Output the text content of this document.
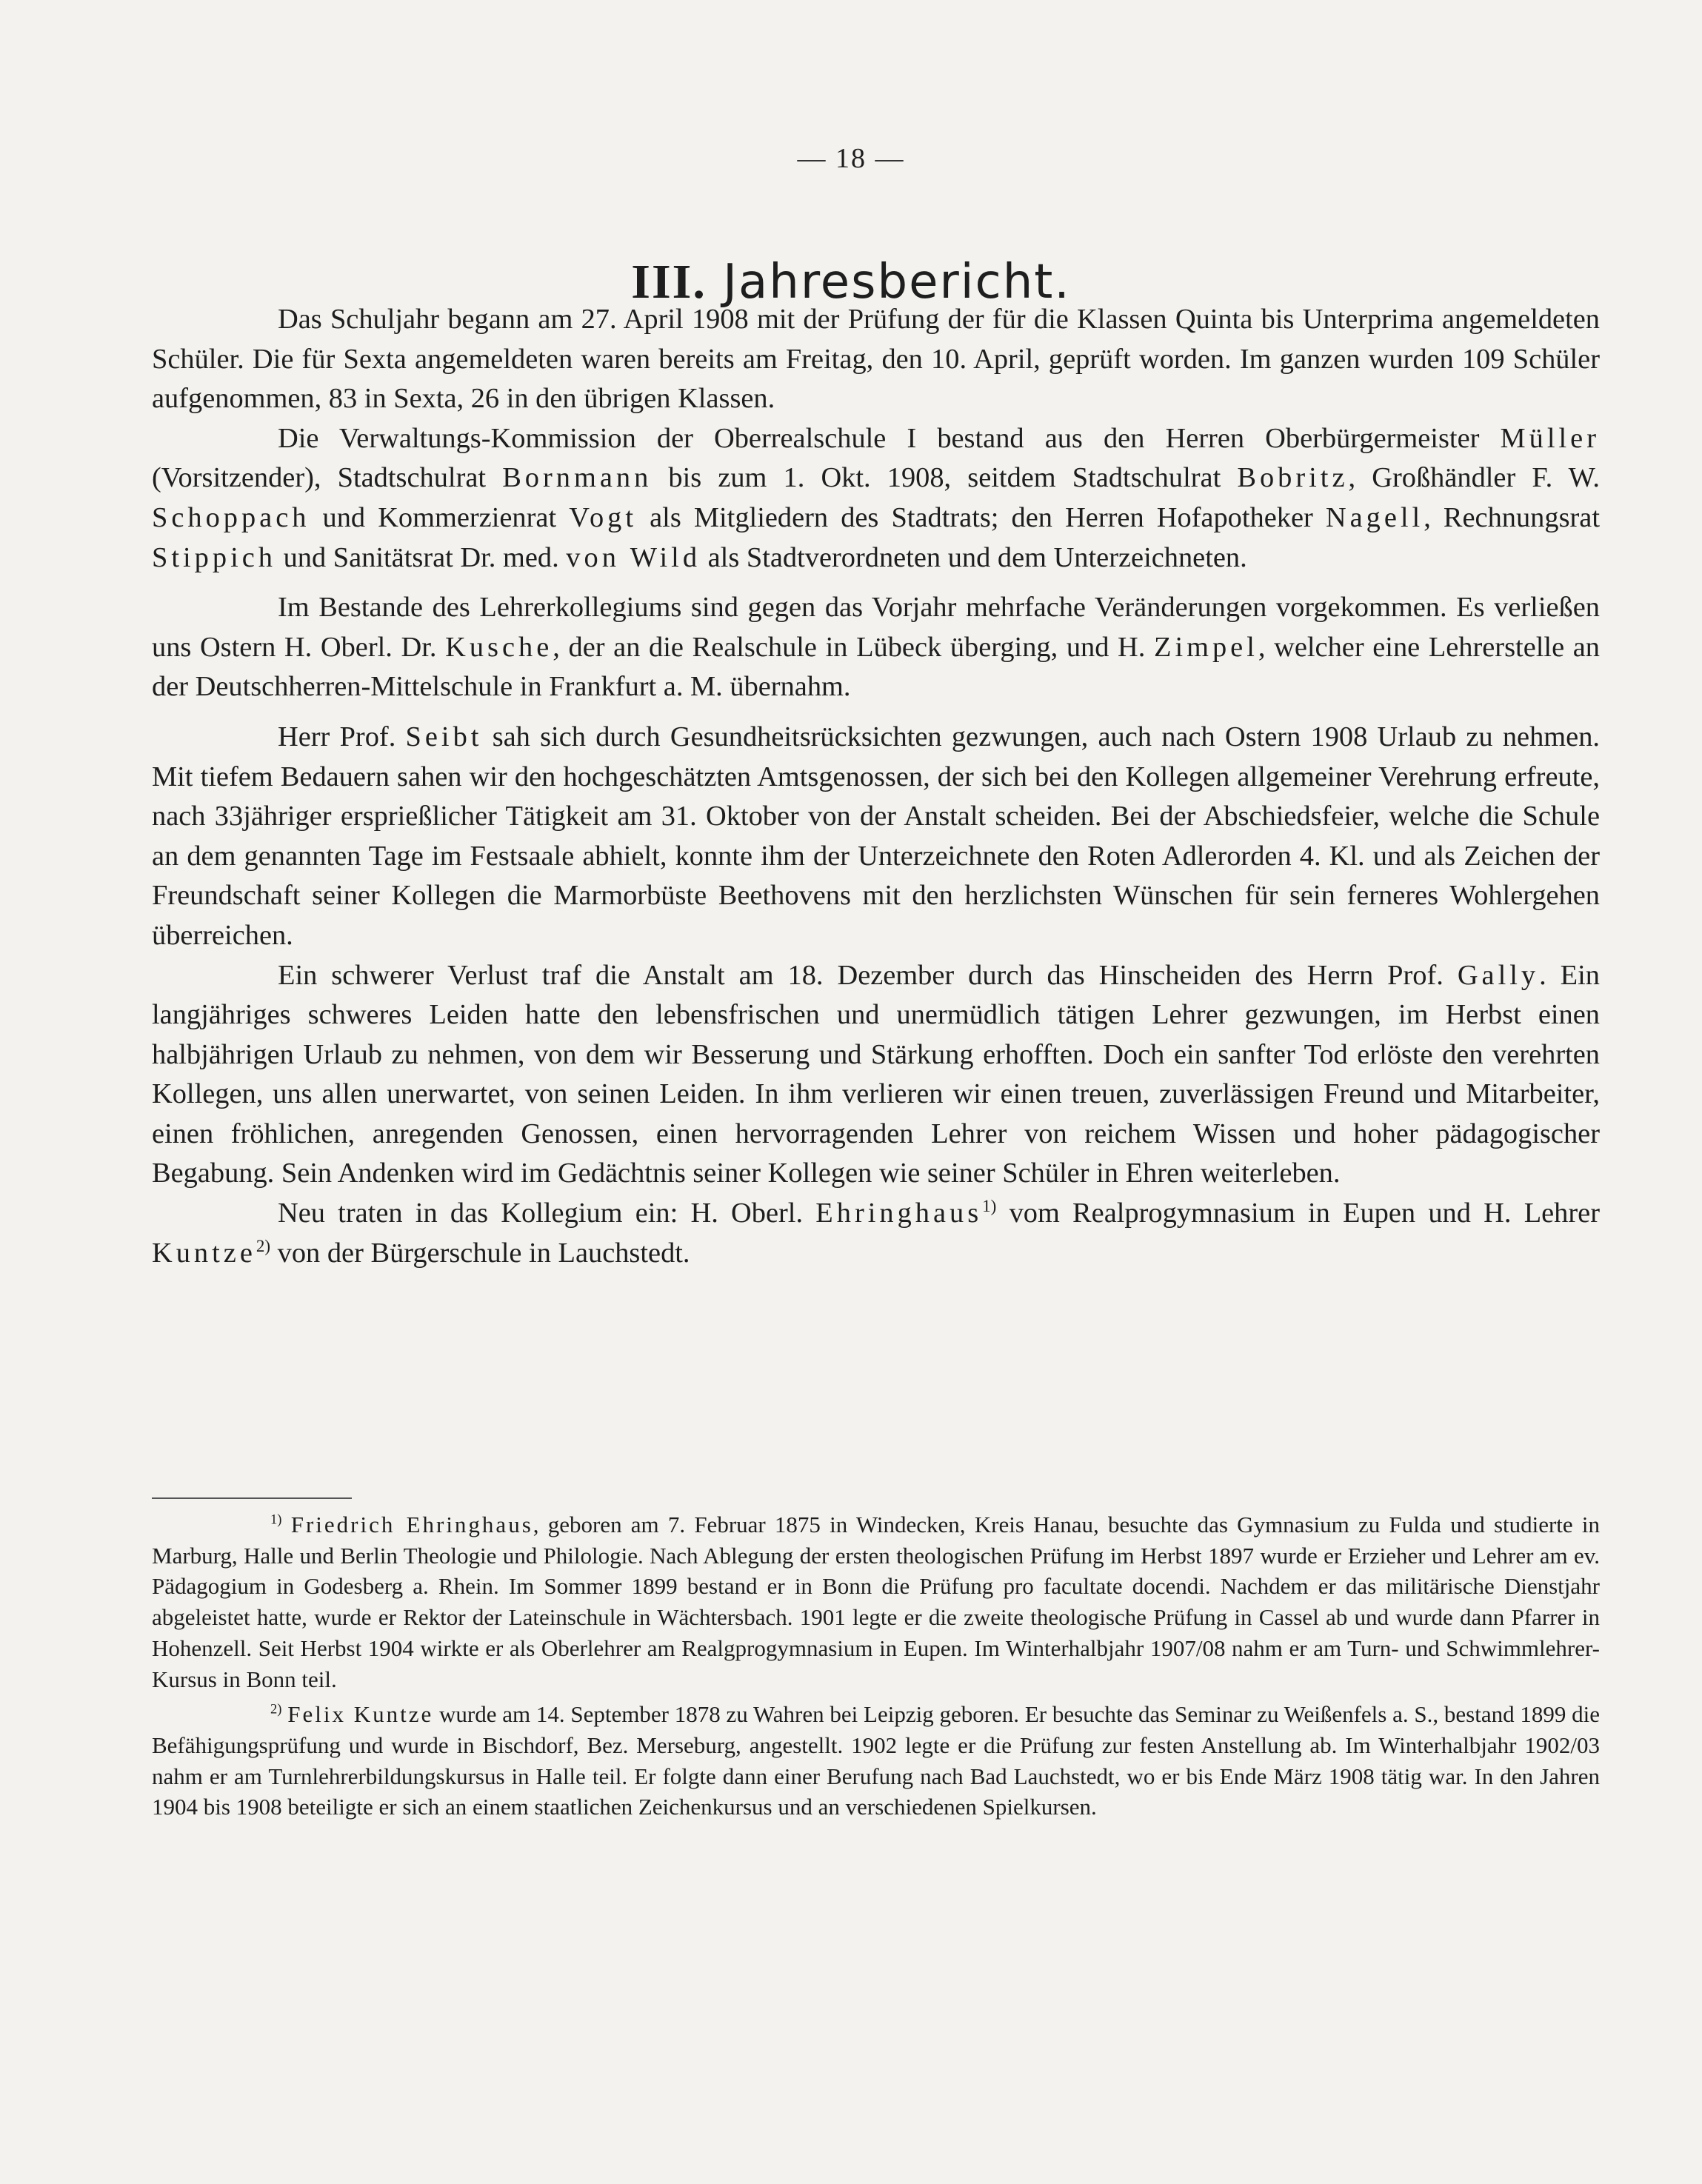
— 18 —
III. Jahresbericht.

Das Schuljahr begann am 27. April 1908 mit der Prüfung der für die Klassen Quinta bis Unterprima angemeldeten Schüler. Die für Sexta angemeldeten waren bereits am Freitag, den 10. April, geprüft worden. Im ganzen wurden 109 Schüler aufgenommen, 83 in Sexta, 26 in den übrigen Klassen.

Die Verwaltungs-Kommission der Oberrealschule I bestand aus den Herren Oberbürgermeister Müller (Vorsitzender), Stadtschulrat Bornmann bis zum 1. Okt. 1908, seitdem Stadtschulrat Bobritz, Großhändler F. W. Schoppach und Kommerzienrat Vogt als Mitgliedern des Stadtrats; den Herren Hofapotheker Nagell, Rechnungsrat Stippich und Sanitätsrat Dr. med. von Wild als Stadtverordneten und dem Unterzeichneten.

Im Bestande des Lehrerkollegiums sind gegen das Vorjahr mehrfache Veränderungen vorgekommen. Es verließen uns Ostern H. Oberl. Dr. Kusche, der an die Realschule in Lübeck überging, und H. Zimpel, welcher eine Lehrerstelle an der Deutschherren-Mittelschule in Frankfurt a. M. übernahm.

Herr Prof. Seibt sah sich durch Gesundheitsrücksichten gezwungen, auch nach Ostern 1908 Urlaub zu nehmen. Mit tiefem Bedauern sahen wir den hochgeschätzten Amtsgenossen, der sich bei den Kollegen allgemeiner Verehrung erfreute, nach 33jähriger ersprießlicher Tätigkeit am 31. Oktober von der Anstalt scheiden. Bei der Abschiedsfeier, welche die Schule an dem genannten Tage im Festsaale abhielt, konnte ihm der Unterzeichnete den Roten Adlerorden 4. Kl. und als Zeichen der Freundschaft seiner Kollegen die Marmorbüste Beethovens mit den herzlichsten Wünschen für sein ferneres Wohlergehen überreichen.

Ein schwerer Verlust traf die Anstalt am 18. Dezember durch das Hinscheiden des Herrn Prof. Gally. Ein langjähriges schweres Leiden hatte den lebensfrischen und unermüdlich tätigen Lehrer gezwungen, im Herbst einen halbjährigen Urlaub zu nehmen, von dem wir Besserung und Stärkung erhofften. Doch ein sanfter Tod erlöste den verehrten Kollegen, uns allen unerwartet, von seinen Leiden. In ihm verlieren wir einen treuen, zuverlässigen Freund und Mitarbeiter, einen fröhlichen, anregenden Genossen, einen hervorragenden Lehrer von reichem Wissen und hoher pädagogischer Begabung. Sein Andenken wird im Gedächtnis seiner Kollegen wie seiner Schüler in Ehren weiterleben.

Neu traten in das Kollegium ein: H. Oberl. Ehringhaus$^{1)}$ vom Realprogymnasium in Eupen und H. Lehrer Kuntze$^{2)}$ von der Bürgerschule in Lauchstedt.

$^{1)}$ Friedrich Ehringhaus, geboren am 7. Februar 1875 in Windecken, Kreis Hanau, besuchte das Gymnasium zu Fulda und studierte in Marburg, Halle und Berlin Theologie und Philologie. Nach Ablegung der ersten theologischen Prüfung im Herbst 1897 wurde er Erzieher und Lehrer am ev. Pädagogium in Godesberg a. Rhein. Im Sommer 1899 bestand er in Bonn die Prüfung pro facultate docendi. Nachdem er das militärische Dienstjahr abgeleistet hatte, wurde er Rektor der Lateinschule in Wächtersbach. 1901 legte er die zweite theologische Prüfung in Cassel ab und wurde dann Pfarrer in Hohenzell. Seit Herbst 1904 wirkte er als Oberlehrer am Realgprogymnasium in Eupen. Im Winterhalbjahr 1907/08 nahm er am Turn- und Schwimmlehrer-Kursus in Bonn teil.

$^{2)}$ Felix Kuntze wurde am 14. September 1878 zu Wahren bei Leipzig geboren. Er besuchte das Seminar zu Weißenfels a. S., bestand 1899 die Befähigungsprüfung und wurde in Bischdorf, Bez. Merseburg, angestellt. 1902 legte er die Prüfung zur festen Anstellung ab. Im Winterhalbjahr 1902/03 nahm er am Turnlehrerbildungskursus in Halle teil. Er folgte dann einer Berufung nach Bad Lauchstedt, wo er bis Ende März 1908 tätig war. In den Jahren 1904 bis 1908 beteiligte er sich an einem staatlichen Zeichenkursus und an verschiedenen Spielkursen.
